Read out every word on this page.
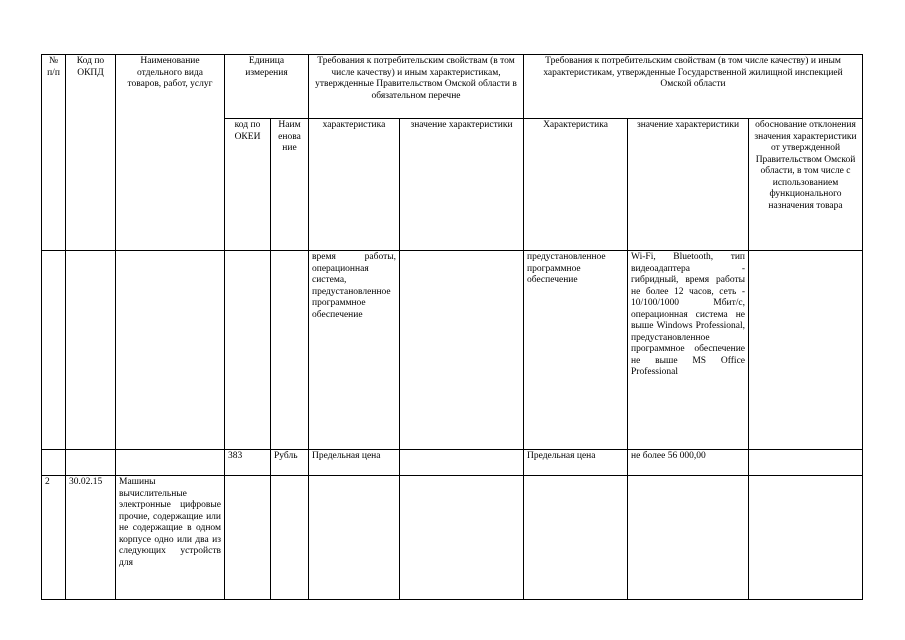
№ п/п	Код по ОКПД	Наименование отдельного вида товаров, работ, услуг	Единица измерения		Требования к потребительским свойствам (в том числе качеству) и иным характеристикам, утвержденные Правительством Омской области в обязательном перечне		Требования к потребительским свойствам (в том числе качеству) и иным характеристикам, утвержденные Государственной жилищной инспекцией Омской области		
			код по ОКЕИ	Наим енова ние	характеристика	значение характеристики	Характеристика	значение характеристики	обоснование отклонения значения характеристики от утвержденной Правительством Омской области, в том числе с использованием функционального назначения товара
					время работы, операционная система, предустановленное программное обеспечение		предустановленное программное обеспечение	Wi-Fi, Bluetooth, тип видеоадаптера - гибридный, время работы не более 12 часов, сеть - 10/100/1000 Мбит/с, операционная система не выше Windows Professional, предустановленное программное обеспечение не выше MS Office Professional	
			383	Рубль	Предельная цена		Предельная цена	не более 56 000,00	
2	30.02.15	Машины вычислительные электронные цифровые прочие, содержащие или не содержащие в одном корпусе одно или два из следующих устройств для							
